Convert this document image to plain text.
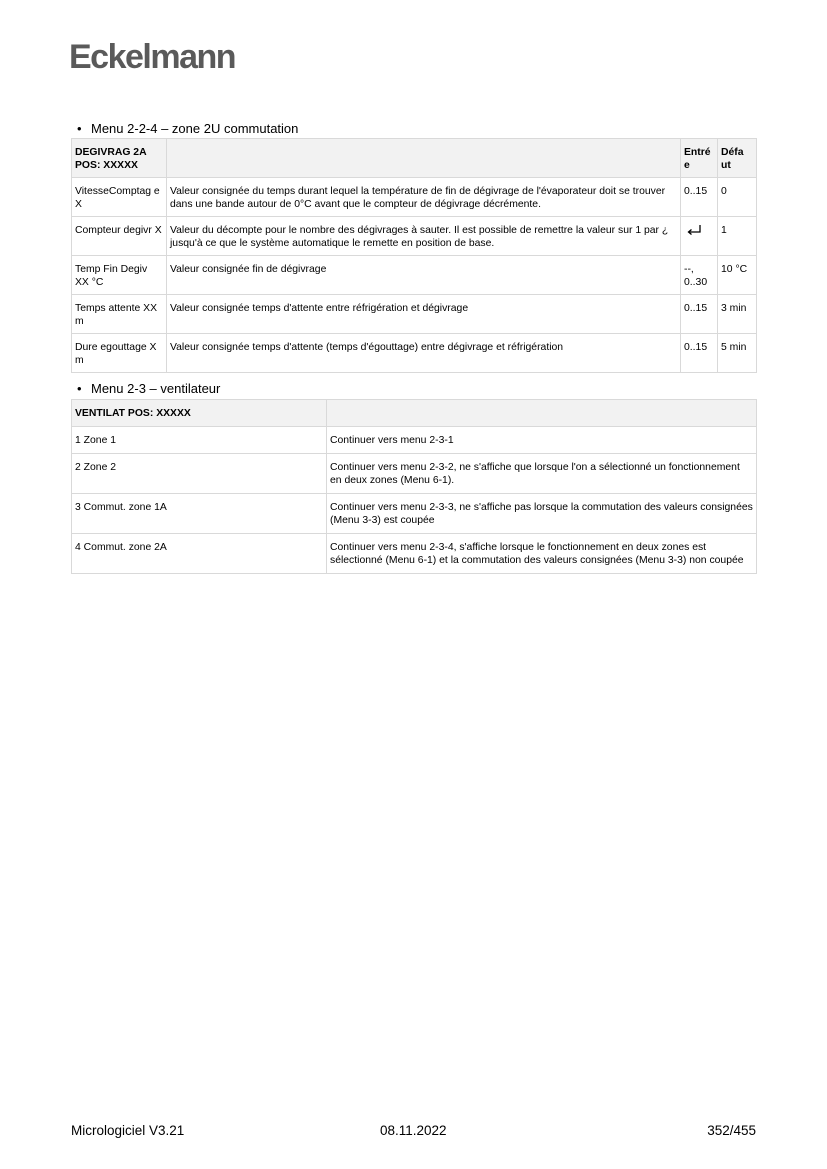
Eckelmann
• Menu 2-2-4 – zone 2U commutation
DEGIVRAG 2A POS: XXXXX		Entré e	Défa ut
VitesseComptag e X	Valeur consignée du temps durant lequel la température de fin de dégivrage de l'évaporateur doit se trouver dans une bande autour de 0°C avant que le compteur de dégivrage décrémente.	0..15	0
Compteur degivr X	Valeur du décompte pour le nombre des dégivrages à sauter. Il est possible de remettre la valeur sur 1 par ¿ jusqu'à ce que le système automatique le remette en position de base.		1
Temp Fin Degiv XX °C	Valeur consignée fin de dégivrage	--, 0..30	10 °C
Temps attente XX m	Valeur consignée temps d'attente entre réfrigération et dégivrage	0..15	3 min
Dure egouttage X m	Valeur consignée temps d'attente (temps d'égouttage) entre dégivrage et réfrigération	0..15	5 min
• Menu 2-3 – ventilateur
VENTILAT POS: XXXXX	
1 Zone 1	Continuer vers menu 2-3-1
2 Zone 2	Continuer vers menu 2-3-2, ne s'affiche que lorsque l'on a sélectionné un fonctionnement en deux zones (Menu 6-1).
3 Commut. zone 1A	Continuer vers menu 2-3-3, ne s'affiche pas lorsque la commutation des valeurs consignées (Menu 3-3) est coupée
4 Commut. zone 2A	Continuer vers menu 2-3-4, s'affiche lorsque le fonctionnement en deux zones est sélectionné (Menu 6-1) et la commutation des valeurs consignées (Menu 3-3) non coupée
Micrologiciel V3.21	08.11.2022	352/455
